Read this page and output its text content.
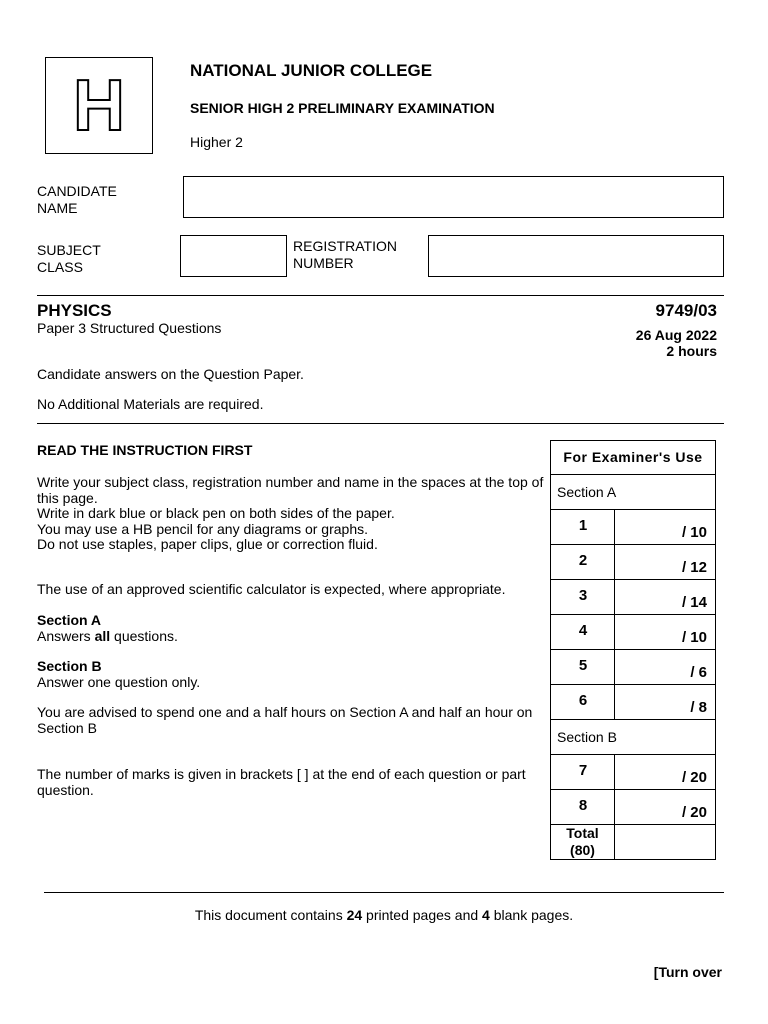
H	NATIONAL JUNIOR COLLEGE
SENIOR HIGH 2 PRELIMINARY EXAMINATION
Higher 2
CANDIDATE
NAME
SUBJECT
CLASS
REGISTRATION
NUMBER
PHYSICS	9749/03
Paper 3 Structured Questions	26 Aug 2022
2 hours
Candidate answers on the Question Paper.
No Additional Materials are required.
READ THE INSTRUCTION FIRST
Write your subject class, registration number and name in the spaces at the top of this page.
Write in dark blue or black pen on both sides of the paper.
You may use a HB pencil for any diagrams or graphs.
Do not use staples, paper clips, glue or correction fluid.
The use of an approved scientific calculator is expected, where appropriate.
Section A
Answers all questions.
Section B
Answer one question only.
You are advised to spend one and a half hours on Section A and half an hour on Section B
The number of marks is given in brackets [ ] at the end of each question or part question.
For Examiner's Use
Section A
1	/ 10
2	/ 12
3	/ 14
4	/ 10
5	/ 6
6	/ 8
Section B
7	/ 20
8	/ 20
Total
(80)
This document contains 24 printed pages and 4 blank pages.
[Turn over
